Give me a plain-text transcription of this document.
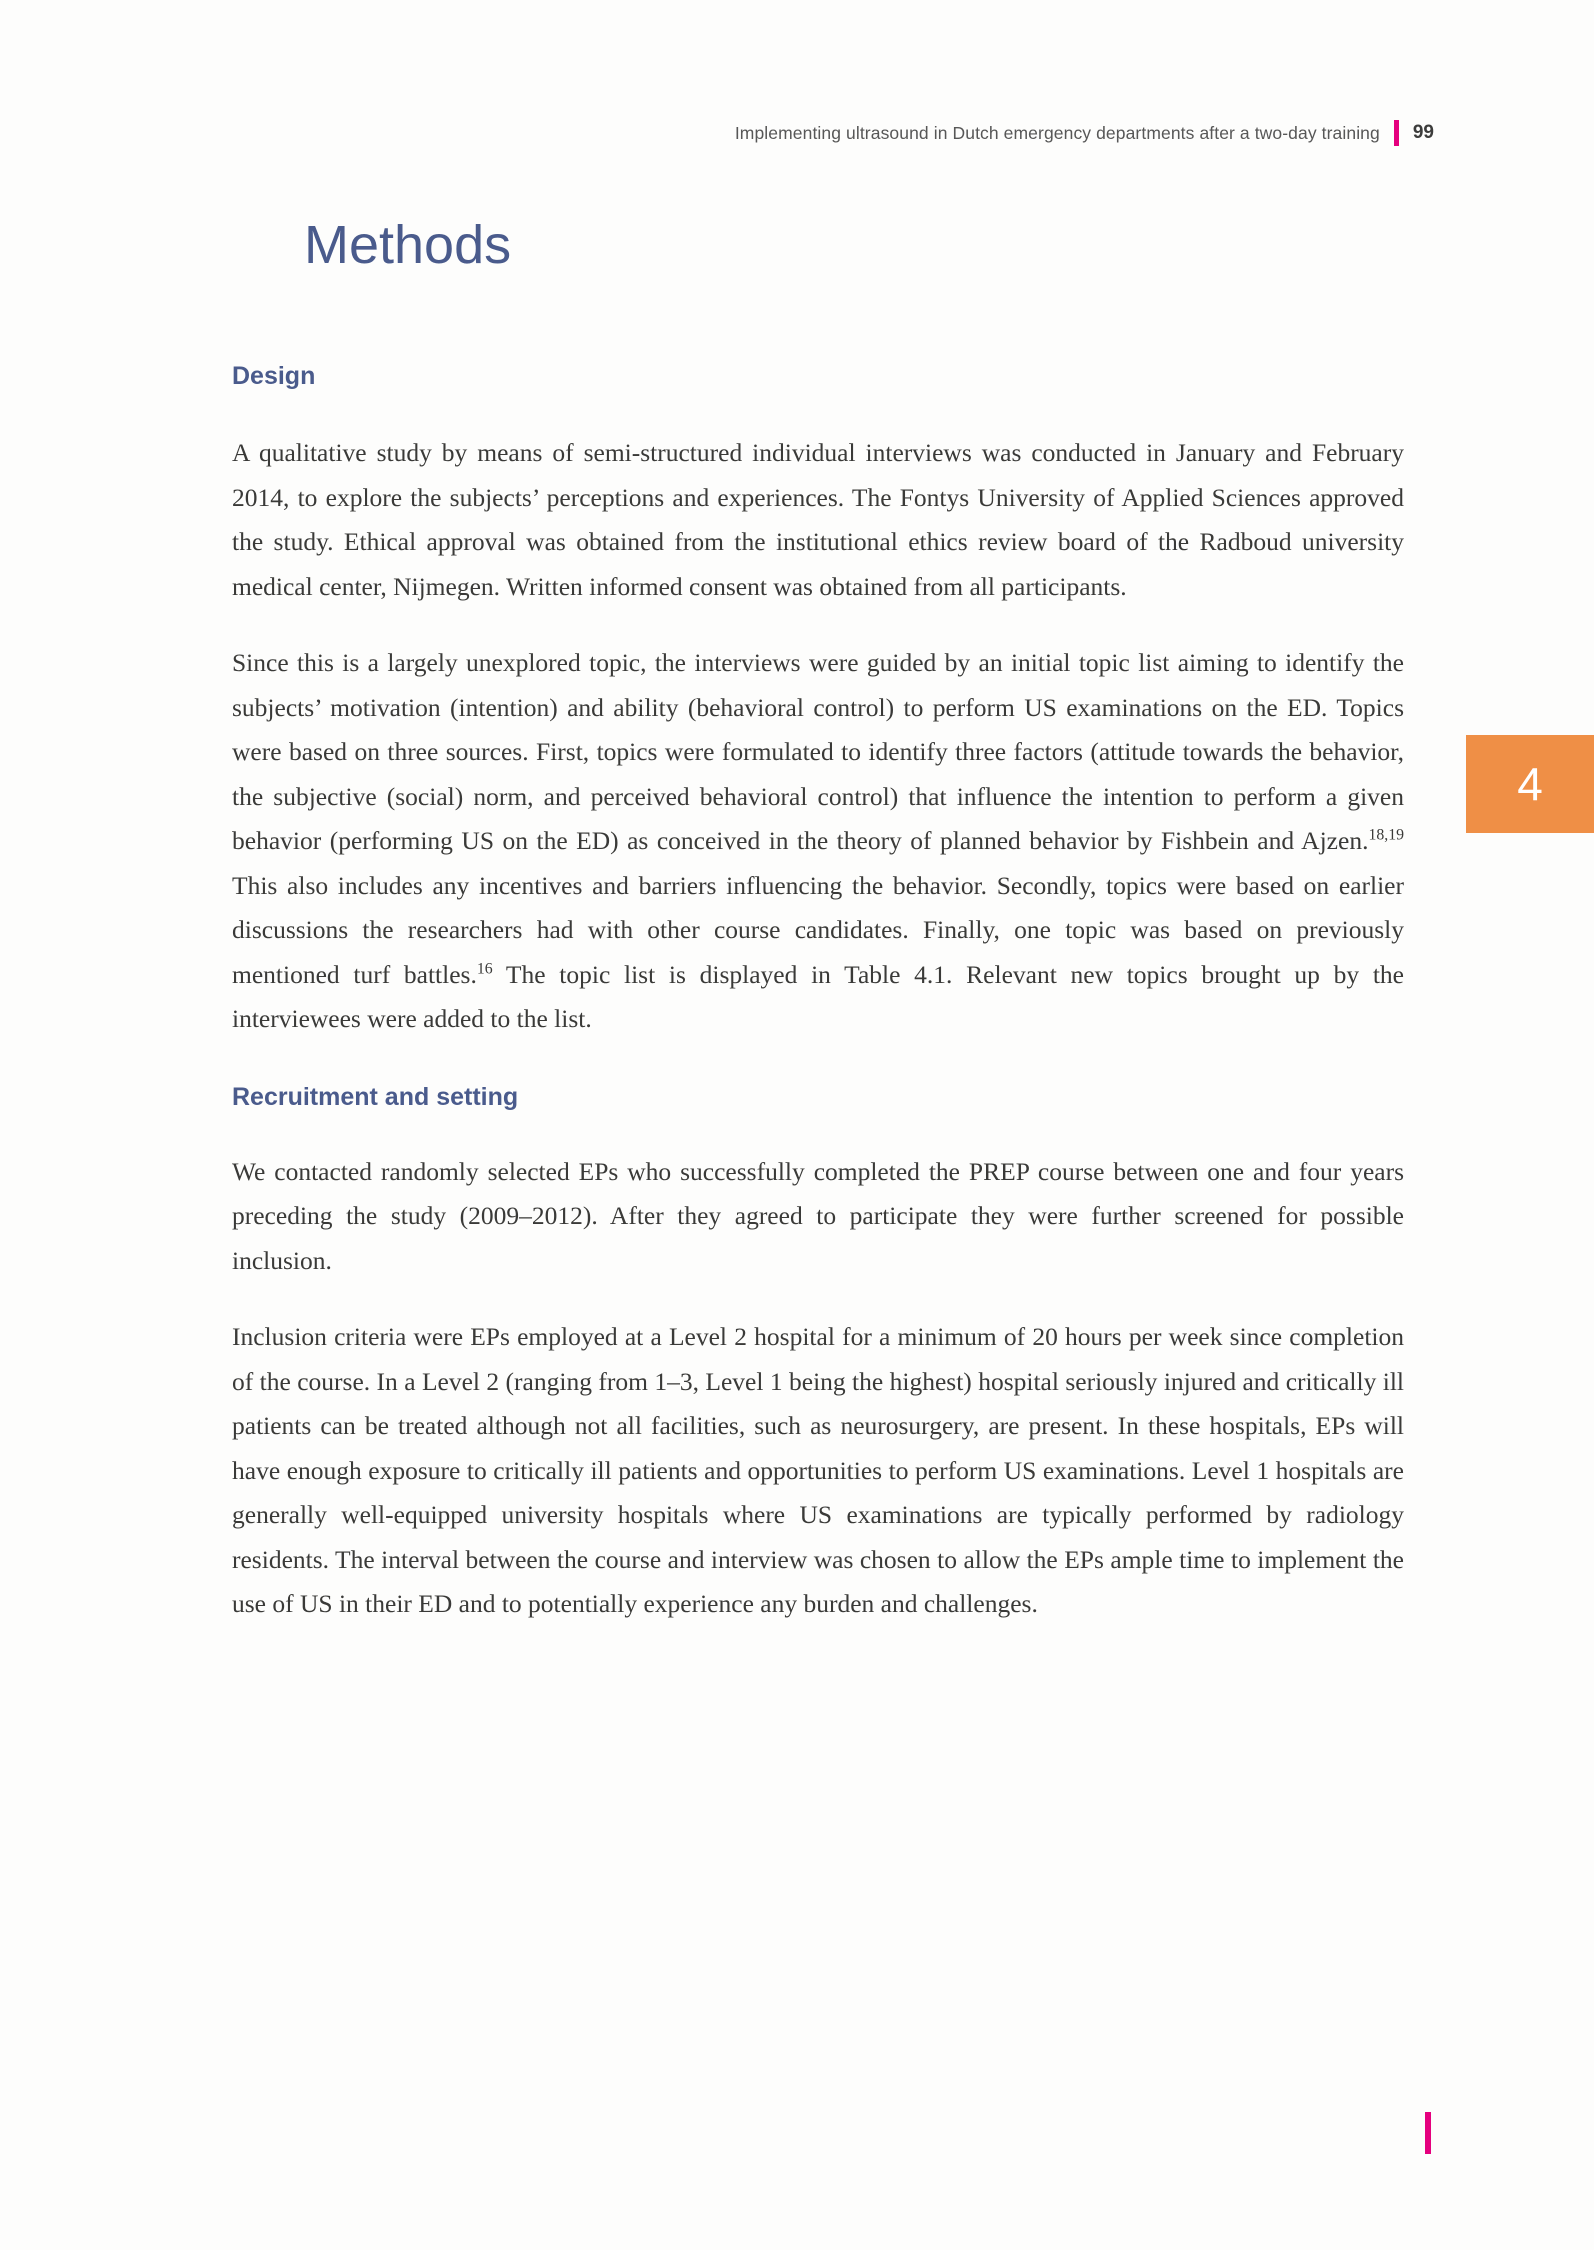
Implementing ultrasound in Dutch emergency departments after a two-day training 99
4
Methods
Design

A qualitative study by means of semi-structured individual interviews was conducted in January and February 2014, to explore the subjects’ perceptions and experiences. The Fontys University of Applied Sciences approved the study. Ethical approval was obtained from the institutional ethics review board of the Radboud university medical center, Nijmegen. Written informed consent was obtained from all participants.

Since this is a largely unexplored topic, the interviews were guided by an initial topic list aiming to identify the subjects’ motivation (intention) and ability (behavioral control) to perform US examinations on the ED. Topics were based on three sources. First, topics were formulated to identify three factors (attitude towards the behavior, the subjective (social) norm, and perceived behavioral control) that influence the intention to perform a given behavior (performing US on the ED) as conceived in the theory of planned behavior by Fishbein and Ajzen.$^{18,19}$ This also includes any incentives and barriers influencing the behavior. Secondly, topics were based on earlier discussions the researchers had with other course candidates. Finally, one topic was based on previously mentioned turf battles.$^{16}$ The topic list is displayed in Table 4.1. Relevant new topics brought up by the interviewees were added to the list.

Recruitment and setting

We contacted randomly selected EPs who successfully completed the PREP course between one and four years preceding the study (2009–2012). After they agreed to participate they were further screened for possible inclusion.

Inclusion criteria were EPs employed at a Level 2 hospital for a minimum of 20 hours per week since completion of the course. In a Level 2 (ranging from 1–3, Level 1 being the highest) hospital seriously injured and critically ill patients can be treated although not all facilities, such as neurosurgery, are present. In these hospitals, EPs will have enough exposure to critically ill patients and opportunities to perform US examinations. Level 1 hospitals are generally well-equipped university hospitals where US examinations are typically performed by radiology residents. The interval between the course and interview was chosen to allow the EPs ample time to implement the use of US in their ED and to potentially experience any burden and challenges.
